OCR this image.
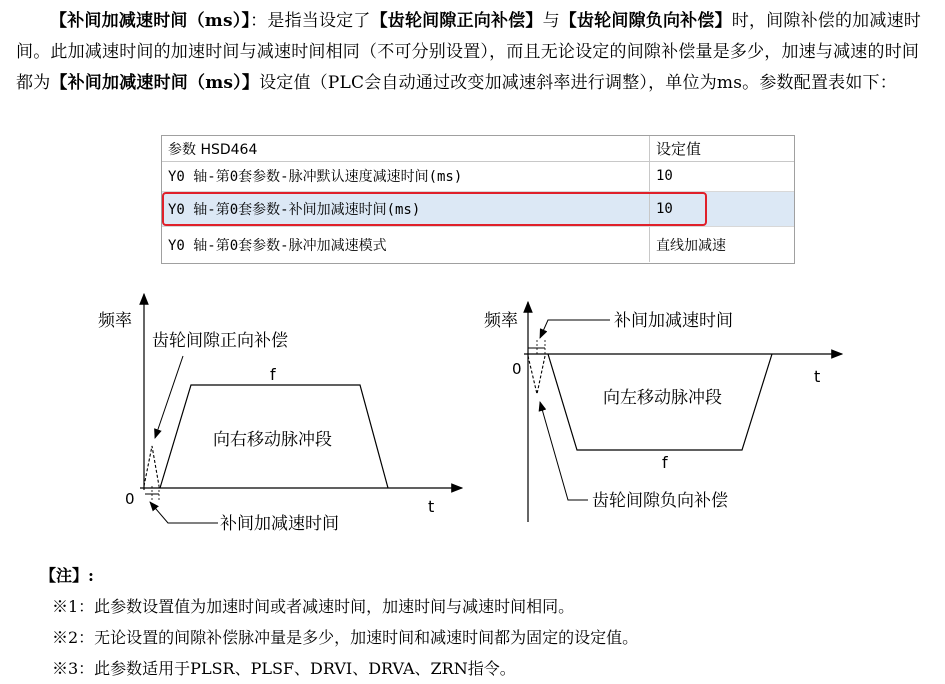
【补间加减速时间（ms）】：是指当设定了【齿轮间隙正向补偿】与【齿轮间隙负向补偿】时，间隙补偿的加减速时间。此加减速时间的加速时间与减速时间相同（不可分别设置），而且无论设定的间隙补偿量是多少，加速与减速的时间都为【补间加减速时间（ms）】设定值（PLC会自动通过改变加减速斜率进行调整），单位为ms。参数配置表如下：

参数 HSD464	设定值
Y0 轴-第0套参数-脉冲默认速度减速时间(ms)	10
Y0 轴-第0套参数-补间加减速时间(ms)	10
Y0 轴-第0套参数-脉冲加减速模式	直线加减速
频率
t
0
f
向右移动脉冲段
齿轮间隙正向补偿
补间加减速时间
频率
t
0
f
向左移动脉冲段
补间加减速时间
齿轮间隙负向补偿
【注】:
※1：此参数设置值为加速时间或者减速时间，加速时间与减速时间相同。
※2：无论设置的间隙补偿脉冲量是多少，加速时间和减速时间都为固定的设定值。
※3：此参数适用于PLSR、PLSF、DRVI、DRVA、ZRN指令。
